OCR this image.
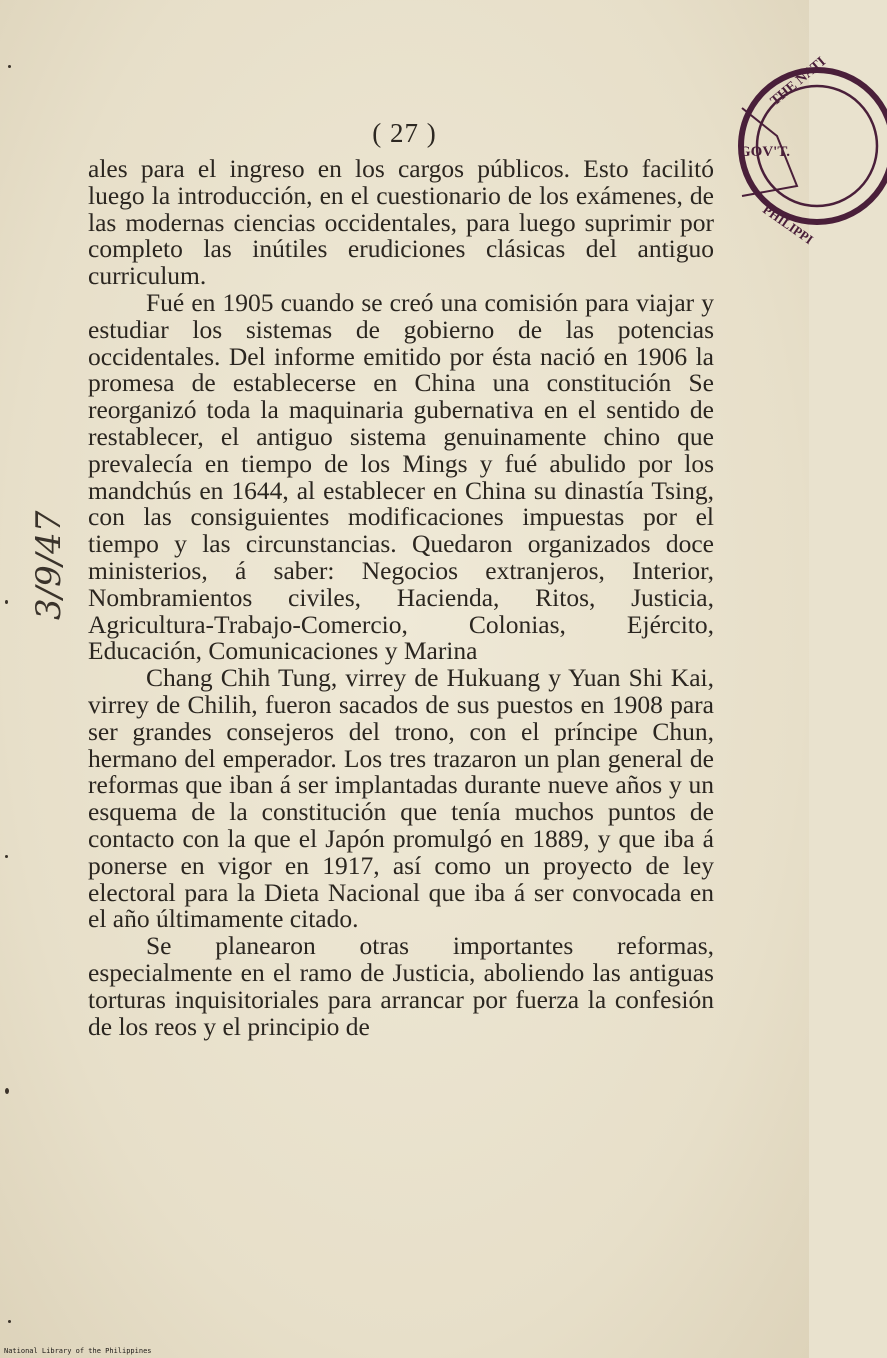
( 27 )

ales para el ingreso en los cargos públicos. Esto facilitó luego la introducción, en el cuestionario de los exámenes, de las modernas ciencias occidentales, para luego suprimir por completo las inútiles erudiciones clásicas del antiguo curriculum.

Fué en 1905 cuando se creó una comisión para viajar y estudiar los sistemas de gobierno de las potencias occidentales. Del informe emitido por ésta nació en 1906 la promesa de establecerse en China una constitución Se reorganizó toda la maquinaria gubernativa en el sentido de restablecer, el antiguo sistema genuinamente chino que prevalecía en tiempo de los Mings y fué abulido por los mandchús en 1644, al establecer en China su dinastía Tsing, con las consiguientes modificaciones impuestas por el tiempo y las circunstancias. Quedaron organizados doce ministerios, á saber: Negocios extranjeros, Interior, Nombramientos civiles, Hacienda, Ritos, Justicia, Agricultura-Trabajo-Comercio, Colonias, Ejército, Educación, Comunicaciones y Marina

Chang Chih Tung, virrey de Hukuang y Yuan Shi Kai, virrey de Chilih, fueron sacados de sus puestos en 1908 para ser grandes consejeros del trono, con el príncipe Chun, hermano del emperador. Los tres trazaron un plan general de reformas que iban á ser implantadas durante nueve años y un esquema de la constitución que tenía muchos puntos de contacto con la que el Japón promulgó en 1889, y que iba á ponerse en vigor en 1917, así como un proyecto de ley electoral para la Dieta Nacional que iba á ser convocada en el año últimamente citado.

Se planearon otras importantes reformas, especialmente en el ramo de Justicia, aboliendo las antiguas torturas inquisitoriales para arrancar por fuerza la confesión de los reos y el principio de

THE NATI
GOV'T.
PHILIPPI
3/9/47
National Library of the Philippines
